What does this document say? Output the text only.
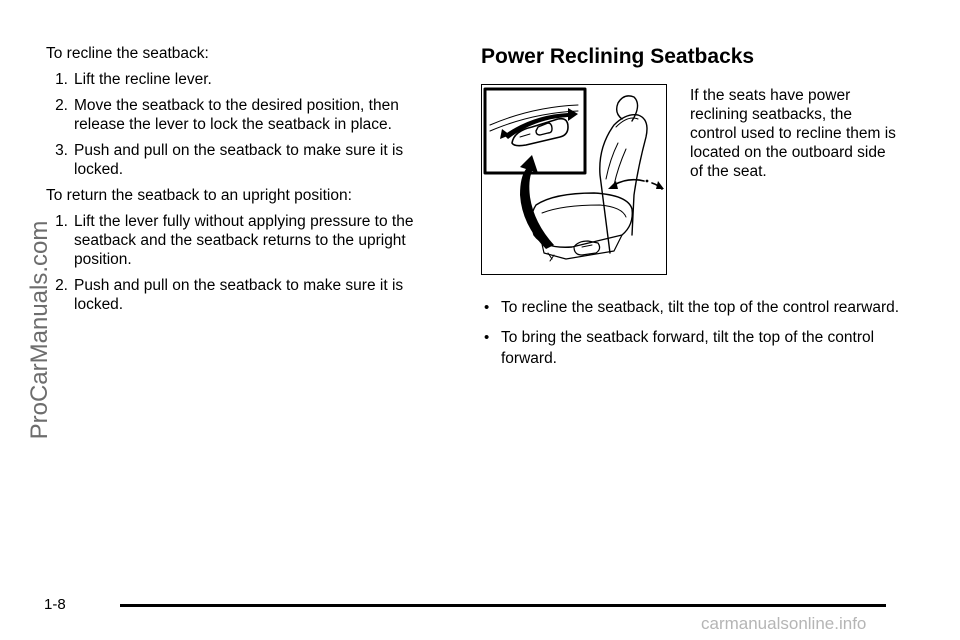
To recline the seatback:

1. Lift the recline lever.
2. Move the seatback to the desired position, then release the lever to lock the seatback in place.
3. Push and pull on the seatback to make sure it is locked.

To return the seatback to an upright position:

1. Lift the lever fully without applying pressure to the seatback and the seatback returns to the upright position.
2. Push and pull on the seatback to make sure it is locked.
Power Reclining Seatbacks

If the seats have power reclining seatbacks, the control used to recline them is located on the outboard side of the seat.

• To recline the seatback, tilt the top of the control rearward.
• To bring the seatback forward, tilt the top of the control forward.
ProCarManuals.com
1-8
carmanualsonline.info
